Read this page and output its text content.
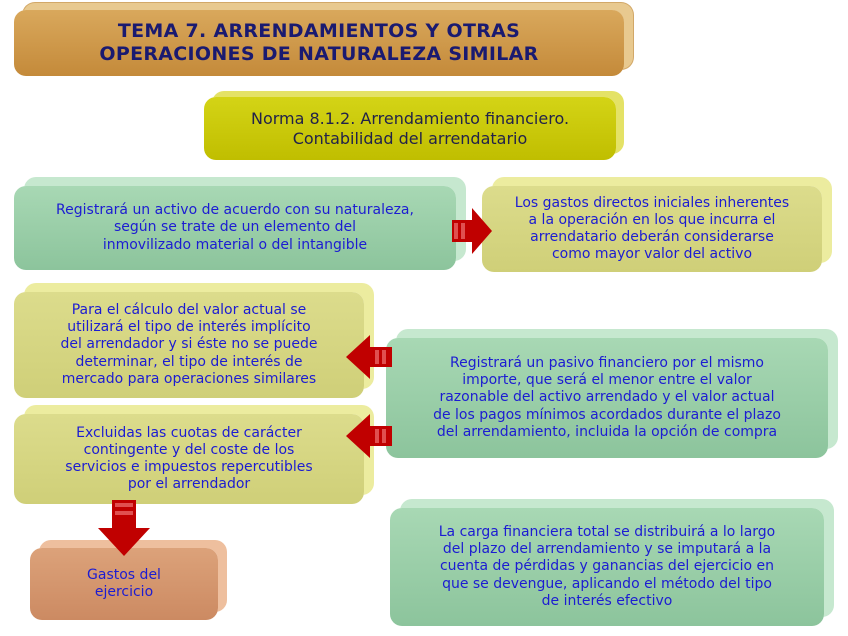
TEMA 7. ARRENDAMIENTOS Y OTRAS
OPERACIONES DE NATURALEZA SIMILAR
Norma 8.1.2. Arrendamiento financiero.
Contabilidad del arrendatario
Registrará un activo de acuerdo con su naturaleza,
según se trate de un elemento del
inmovilizado material o del intangible
Los gastos directos iniciales inherentes
a la operación en los que incurra el
arrendatario deberán considerarse
como mayor valor del activo
Para el cálculo del valor actual se
utilizará el tipo de interés implícito
del arrendador y si éste no se puede
determinar, el tipo de interés de
mercado para operaciones similares
Registrará un pasivo financiero por el mismo
importe, que será el menor entre el valor
razonable del activo arrendado y el valor actual
de los pagos mínimos acordados durante el plazo
del arrendamiento, incluida la opción de compra
Excluidas las cuotas de carácter
contingente y del coste de los
servicios e impuestos repercutibles
por el arrendador
La carga financiera total se distribuirá a lo largo
del plazo del arrendamiento y se imputará a la
cuenta de pérdidas y ganancias del ejercicio en
que se devengue, aplicando el método del tipo
de interés efectivo
Gastos del
ejercicio
